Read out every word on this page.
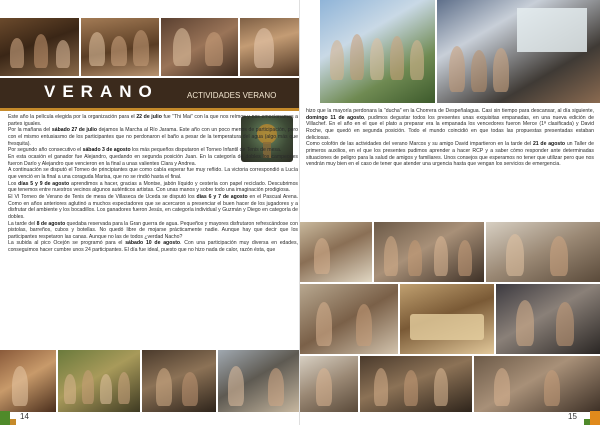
VERANO	ACTIVIDADES VERANO

Este año la película elegida por la organización para el 22 de julio fue “Thi Mai” con la que nos reímos y nos emocionamos a partes iguales.

Por la mañana del sábado 27 de julio dejamos la Marcha al Río Jarama. Este año con un poco menos de participación, pero con el mismo entusiasmo de los participantes que no perdonaron el baño a pesar de la temperatura del agua (algo más que fresquita).

Por segundo año consecutivo el sábado 3 de agosto los más pequeños disputaron el Torneo Infantil de Tenis de mesa.

En esta ocasión el ganador fue Alejandro, quedando en segunda posición Juan. En la categoría de dobles los campeones fueron Darío y Alejandro que vencieron en la final a unas valientes Clara y Andrea.

A continuación se disputó el Torneo de principiantes que como cabía esperar fue muy reñido. La victoria correspondió a Lucía que venció en la final a una coraguda Marisa, que no se rindió hasta el final.

Los días 5 y 9 de agosto aprendimos a hacer, gracias a Montse, jabón líquido y cestería con papel reciclado. Descubrimos que tenemos entre nuestros vecinos algunos auténticos artistas. Con unas manos y sobre todo una imaginación prodigiosa.

El VI Torneo de Verano de Tenis de mesa de Villaseca de Uceda se disputó los días 6 y 7 de agosto en el Pascual Arena. Como en años anteriores aglutinó a muchos espectadores que se acercaron a presenciar el buen hacer de los jugadores y a disfrutar del ambiente y los bocadillos. Los ganadores fueron Jesús, en categoría individual y Guzmán y Diego en categoría de dobles.

La tarde del 8 de agosto quedaba reservada para la Gran guerra de agua. Pequeños y mayores disfrutaron refrescándose con pistolas, barreños, cubos y botellas. No quedó libre de mojarse prácticamente nadie. Aunque hay que decir que los participantes respetaron las canas. Aunque no las de todos ¿verdad Nacho?

La subida al pico Ocejón se programó para el sábado 10 de agosto. Con una participación muy diversa en edades, conseguimos hacer cumbre unos 24 participantes. El día fue ideal, puesto que no hizo nada de calor, razón ésta, que

14

hizo que la mayoría perdonara la “ducha” en la Chorrera de Despeñalagua. Casi sin tiempo para descansar, al día siguiente, domingo 11 de agosto, pudimos degustar todos los presentes unas exquisitas empanadas, en una nueva edición de Villachef. En el año en el que el plato a preparar era la empanada los vencedores fueron Merce (1ª clasificada) y David Roche, que quedó en segunda posición. Todo el mundo coincidió en que todas las propuestas presentadas estaban deliciosas.

Como colofón de las actividades del verano Marcos y su amigo David impartieron en la tarde del 21 de agosto un Taller de primeros auxilios, en el que los presentes pudimos aprender a hacer RCP y a saber cómo responder ante determinadas situaciones de peligro para la salud de amigos y familiares. Unos consejos que esperamos no tener que utilizar pero que nos vendrán muy bien en el caso de tener que atender una urgencia hasta que vengan los servicios de emergencia.

15
